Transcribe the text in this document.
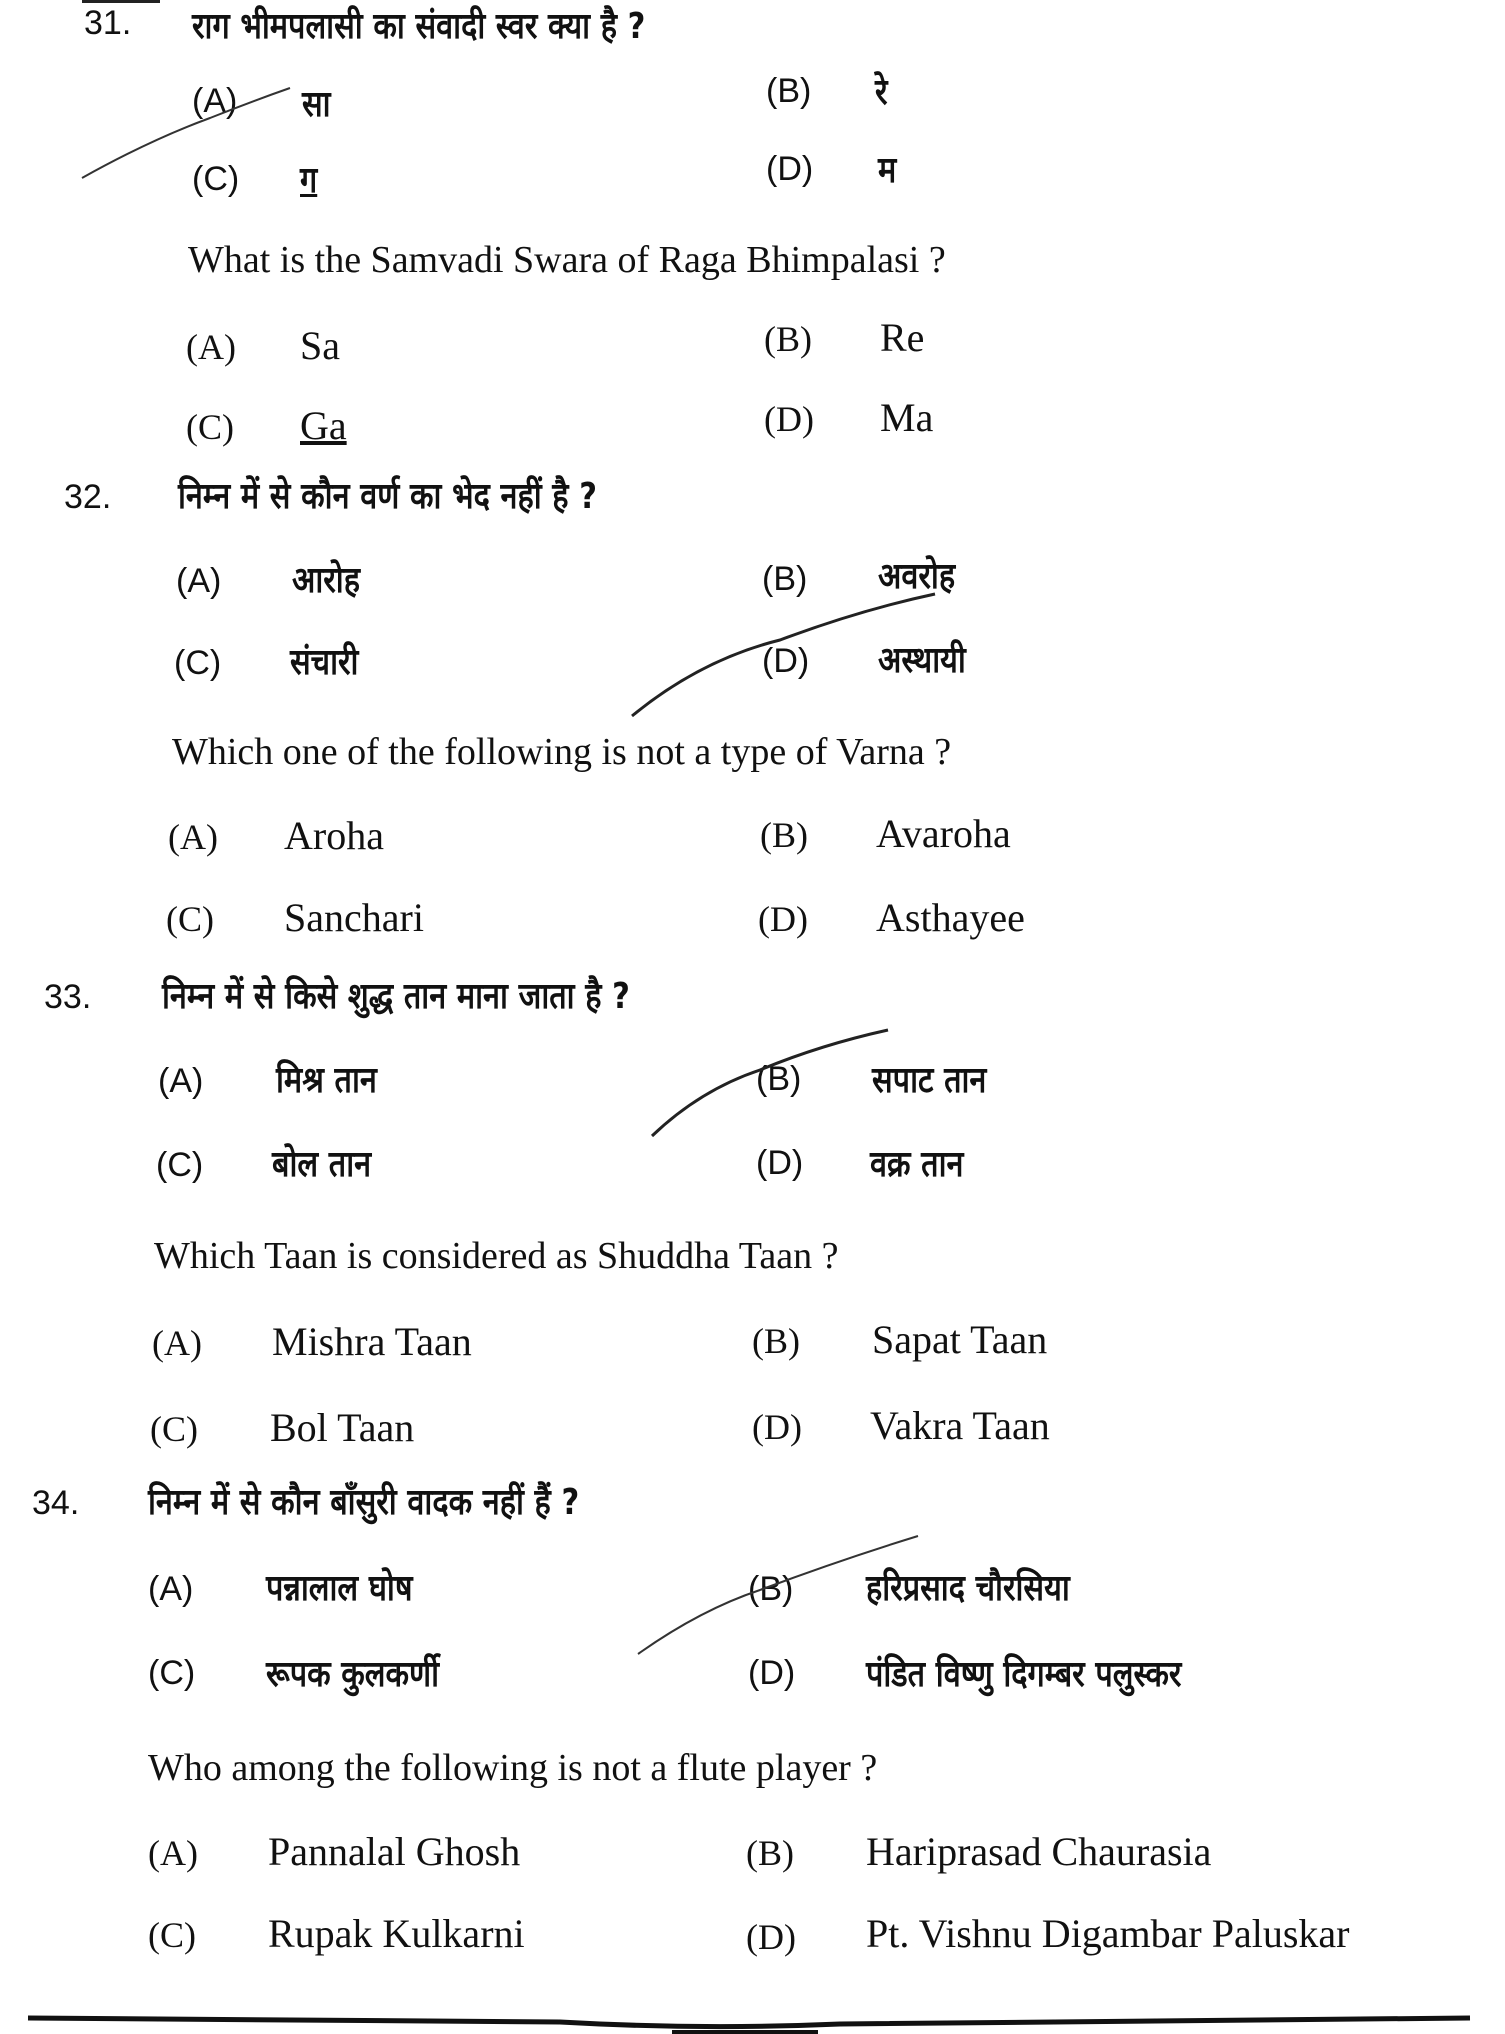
31. राग भीमपलासी का संवादी स्वर क्या है ?
(A) सा	(B) रे
(C) ग	(D) म
What is the Samvadi Swara of Raga Bhimpalasi ?
(A) Sa	(B) Re
(C) Ga	(D) Ma
32. निम्न में से कौन वर्ण का भेद नहीं है ?
(A) आरोह	(B) अवरोह
(C) संचारी	(D) अस्थायी
Which one of the following is not a type of Varna ?
(A) Aroha	(B) Avaroha
(C) Sanchari	(D) Asthayee
33. निम्न में से किसे शुद्ध तान माना जाता है ?
(A) मिश्र तान	(B) सपाट तान
(C) बोल तान	(D) वक्र तान
Which Taan is considered as Shuddha Taan ?
(A) Mishra Taan	(B) Sapat Taan
(C) Bol Taan	(D) Vakra Taan
34. निम्न में से कौन बाँसुरी वादक नहीं हैं ?
(A) पन्नालाल घोष	(B) हरिप्रसाद चौरसिया
(C) रूपक कुलकर्णी	(D) पंडित विष्णु दिगम्बर पलुस्कर
Who among the following is not a flute player ?
(A) Pannalal Ghosh	(B) Hariprasad Chaurasia
(C) Rupak Kulkarni	(D) Pt. Vishnu Digambar Paluskar
